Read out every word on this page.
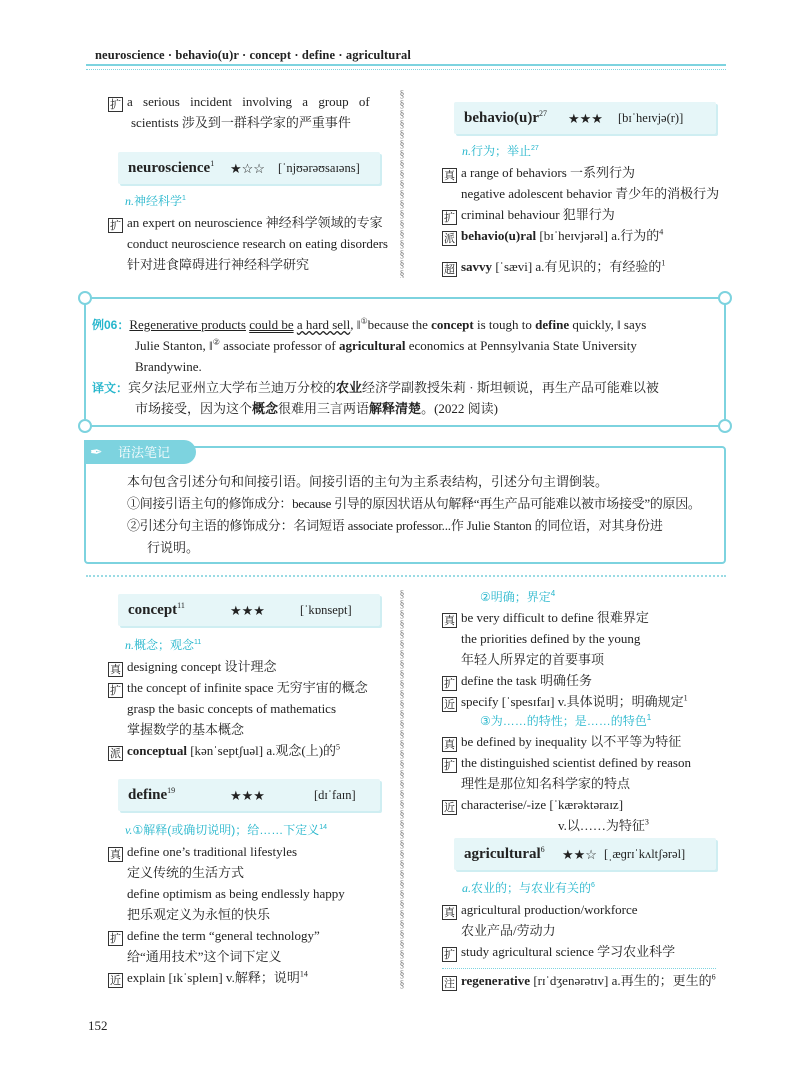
neuroscience · behavio(u)r · concept · define · agricultural
§
§
§
§
§
§
§
§
§
§
§
§
§
§
§
§
§
§
§
§
§
§
§
§
§
§
§
§
§
§
§
§
§
§
§
§
§
§
§
§
§
§
§
§
§
§
§
§
§
§
§
§
§
§
§
§
§
§
§
扩 a serious incident involving a group of
scientists 涉及到一群科学家的严重事件
neuroscience$^1$ ★☆☆ [ˈnjʊərəʊsaɪəns]
n.神经科学$^1$
扩 an expert on neuroscience 神经科学领域的专家
conduct neuroscience research on eating disorders
针对进食障碍进行神经科学研究
$behavio(u)r^{27}$ ★★★ [bɪˈheɪvjə(r)]
n.行为；举止$^{27}$
真 a range of behaviors 一系列行为
negative adolescent behavior 青少年的消极行为
扩 criminal behaviour 犯罪行为
派 behavio(u)ral [bɪˈheɪvjərəl] a.行为的$^4$
超 savvy [ˈsævi] a.有见识的；有经验的$^1$
例06：Regenerative products could be a hard sell, ‖①because the concept is tough to define quickly, ‖ says
Julie Stanton, ‖② associate professor of agricultural economics at Pennsylvania State University
Brandywine.
译文：宾夕法尼亚州立大学布兰迪万分校的农业经济学副教授朱莉 · 斯坦顿说，再生产品可能难以被
市场接受，因为这个概念很难用三言两语解释清楚。(2022 阅读)
✒ 语法笔记
本句包含引述分句和间接引语。间接引语的主句为主系表结构，引述分句主谓倒装。
①间接引语主句的修饰成分：because 引导的原因状语从句解释“再生产品可能难以被市场接受”的原因。
②引述分句主语的修饰成分：名词短语 associate professor...作 Julie Stanton 的同位语，对其身份进
行说明。
concept$^{11}$	★★★	[ˈkɒnsept]
n.概念；观念$^{11}$
真 designing concept 设计理念
扩 the concept of infinite space 无穷宇宙的概念
grasp the basic concepts of mathematics
掌握数学的基本概念
派 conceptual [kənˈseptʃuəl] a.观念(上)的$^5$
define$^{19}$	★★★	[dɪˈfaɪn]
v.①解释(或确切说明)；给……下定义$^{14}$
真 define one’s traditional lifestyles
定义传统的生活方式
define optimism as being endlessly happy
把乐观定义为永恒的快乐
扩 define the term “general technology”
给“通用技术”这个词下定义
近 explain [ɪkˈspleɪn] v.解释；说明$^{14}$
②明确；界定$^4$
真 be very difficult to define 很难界定
the priorities defined by the young
年轻人所界定的首要事项
扩 define the task 明确任务
近 specify [ˈspesɪfaɪ] v.具体说明；明确规定$^1$
③为……的特性；是……的特色$^1$
真 be defined by inequality 以不平等为特征
扩 the distinguished scientist defined by reason
理性是那位知名科学家的特点
近 characterise/-ize [ˈkærəktəraɪz]
v.以……为特征$^3$
agricultural$^6$ ★★☆ [ˌæɡrɪˈkʌltʃərəl]
a.农业的；与农业有关的$^6$
真 agricultural production/workforce
农业产品/劳动力
扩 study agricultural science 学习农业科学
注 regenerative [rɪˈdʒenərətɪv] a.再生的；更生的$^6$
152
